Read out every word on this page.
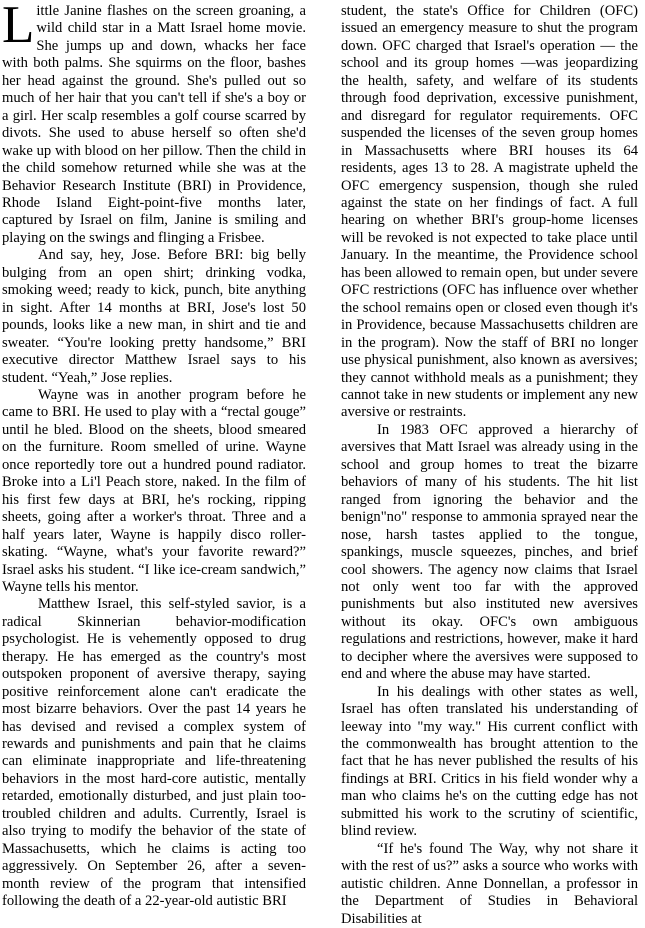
Little Janine flashes on the screen groaning, a wild child star in a Matt Israel home movie. She jumps up and down, whacks her face with both palms. She squirms on the floor, bashes her head against the ground. She's pulled out so much of her hair that you can't tell if she's a boy or a girl. Her scalp resembles a golf course scarred by divots. She used to abuse herself so often she'd wake up with blood on her pillow. Then the child in the child somehow returned while she was at the Behavior Research Institute (BRI) in Providence, Rhode Island Eight-point-five months later, captured by Israel on film, Janine is smiling and playing on the swings and flinging a Frisbee.

And say, hey, Jose. Before BRI: big belly bulging from an open shirt; drinking vodka, smoking weed; ready to kick, punch, bite anything in sight. After 14 months at BRI, Jose's lost 50 pounds, looks like a new man, in shirt and tie and sweater. “You're looking pretty handsome,” BRI executive director Matthew Israel says to his student. “Yeah,” Jose replies.

Wayne was in another program before he came to BRI. He used to play with a “rectal gouge” until he bled. Blood on the sheets, blood smeared on the furniture. Room smelled of urine. Wayne once reportedly tore out a hundred pound radiator. Broke into a Li'l Peach store, naked. In the film of his first few days at BRI, he's rocking, ripping sheets, going after a worker's throat. Three and a half years later, Wayne is happily disco roller-skating. “Wayne, what's your favorite reward?” Israel asks his student. “I like ice-cream sandwich,” Wayne tells his mentor.

Matthew Israel, this self-styled savior, is a radical Skinnerian behavior-modification psychologist. He is vehemently opposed to drug therapy. He has emerged as the country's most outspoken proponent of aversive therapy, saying positive reinforcement alone can't eradicate the most bizarre behaviors. Over the past 14 years he has devised and revised a complex system of rewards and punishments and pain that he claims can eliminate inappropriate and life-threatening behaviors in the most hard-core autistic, mentally retarded, emotionally disturbed, and just plain too-troubled children and adults. Currently, Israel is also trying to modify the behavior of the state of Massachusetts, which he claims is acting too aggressively. On September 26, after a seven-month review of the program that intensified following the death of a 22-year-old autistic BRI

student, the state's Office for Children (OFC) issued an emergency measure to shut the program down. OFC charged that Israel's operation — the school and its group homes —was jeopardizing the health, safety, and welfare of its students through food deprivation, excessive punishment, and disregard for regulator requirements. OFC suspended the licenses of the seven group homes in Massachusetts where BRI houses its 64 residents, ages 13 to 28. A magistrate upheld the OFC emergency suspension, though she ruled against the state on her findings of fact. A full hearing on whether BRI's group-home licenses will be revoked is not expected to take place until January. In the meantime, the Providence school has been allowed to remain open, but under severe OFC restrictions (OFC has influence over whether the school remains open or closed even though it's in Providence, because Massachusetts children are in the program). Now the staff of BRI no longer use physical punishment, also known as aversives; they cannot withhold meals as a punishment; they cannot take in new students or implement any new aversive or restraints.

In 1983 OFC approved a hierarchy of aversives that Matt Israel was already using in the school and group homes to treat the bizarre behaviors of many of his students. The hit list ranged from ignoring the behavior and the benign"no" response to ammonia sprayed near the nose, harsh tastes applied to the tongue, spankings, muscle squeezes, pinches, and brief cool showers. The agency now claims that Israel not only went too far with the approved punishments but also instituted new aversives without its okay. OFC's own ambiguous regulations and restrictions, however, make it hard to decipher where the aversives were supposed to end and where the abuse may have started.

In his dealings with other states as well, Israel has often translated his understanding of leeway into "my way." His current conflict with the commonwealth has brought attention to the fact that he has never published the results of his findings at BRI. Critics in his field wonder why a man who claims he's on the cutting edge has not submitted his work to the scrutiny of scientific, blind review.

“If he's found The Way, why not share it with the rest of us?” asks a source who works with autistic children. Anne Donnellan, a professor in the Department of Studies in Behavioral Disabilities at
